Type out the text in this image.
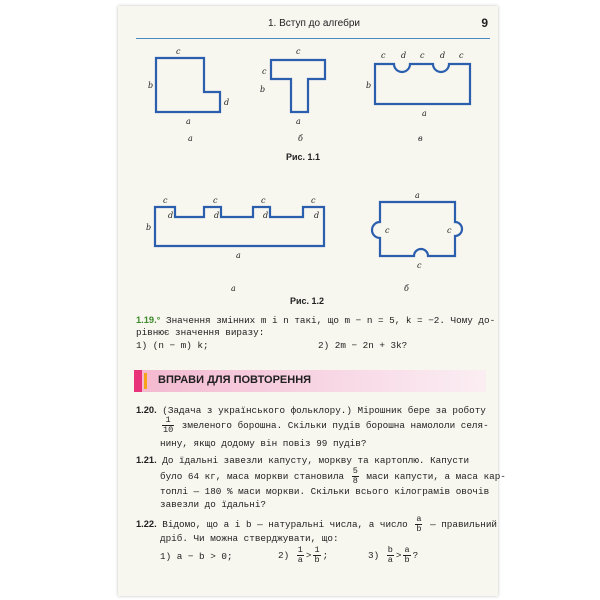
1. Вступ до алгебри	9
c
b
d
a
а
c
c
b
a
б
c d c d c
b
a
в
c
d
c
d
c
d
c
d
b
a
а
a
c	c
c
б
Рис. 1.1
Рис. 1.2
1.19.° Значення змінних m і n такі, що m − n = 5, k = −2. Чому до-
рівнює значення виразу:
1) (n − m) k;	2) 2m − 2n + 3k?
ВПРАВИ ДЛЯ ПОВТОРЕННЯ
1.20. (Задача з українського фольклору.) Мірошник бере за роботу
$\frac{1}{10}$ змеленого борошна. Скільки пудів борошна намололи селя-
нину, якщо додому він повіз 99 пудів?
1.21. До їдальні завезли капусту, моркву та картоплю. Капусти
було 64 кг, маса моркви становила $\frac{5}{8}$ маси капусти, а маса кар-
топлі — 180 % маси моркви. Скільки всього кілограмів овочів
завезли до їдальні?
1.22. Відомо, що a і b — натуральні числа, а число $\frac{a}{b}$ — правильний
дріб. Чи можна стверджувати, що:
1) a − b > 0;	$2) \frac{1}{a} > \frac{1}{b}$ ;	$3) \frac{b}{a} > \frac{a}{b}$ ?
